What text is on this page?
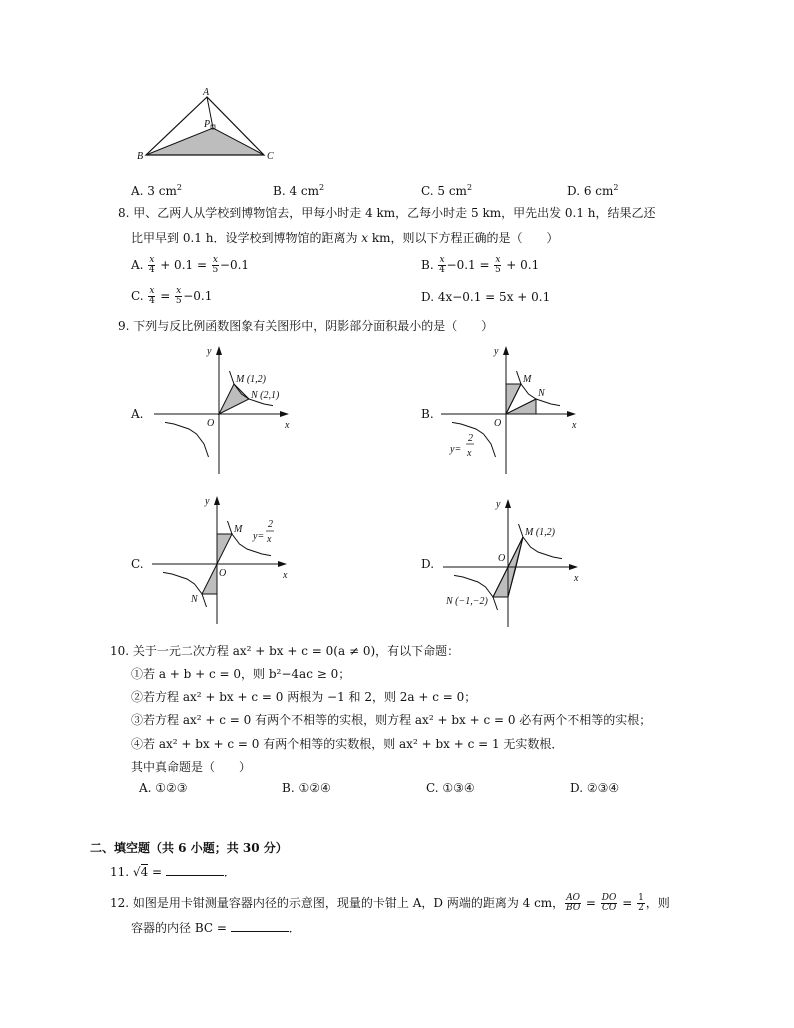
A
P
B	C
A. 3 $cm^2$	B. 4 $cm^2$	C. 5 $cm^2$	D. 6 $cm^2$
8. 甲、乙两人从学校到博物馆去，甲每小时走 4 km，乙每小时走 5 km，甲先出发 0.1 h，结果乙还
比甲早到 0.1 h．设学校到博物馆的距离为 x km，则以下方程正确的是（　　）
A. $\frac{x}{4} + 0.1 = \frac{x}{5} -0.1$	B. $\frac{x}{4} -0.1 = \frac{x}{5} + 0.1$
C. $\frac{x}{4} = \frac{x}{5} -0.1$	D. 4x−0.1 = 5x + 0.1
9. 下列与反比例函数图象有关图形中，阴影部分面积最小的是（　　）
A.	B.
C.	D.
x
y
O
M (1,2)
N (2,1)
x
y
O
M
N
y=
2
x
x
y
O
M
N
y=
2
x
x
y
O
M (1,2)
N (−1,−2)
10. 关于一元二次方程 ax² + bx + c = 0(a ≠ 0)，有以下命题：
①若 a + b + c = 0，则 b²−4ac ≥ 0；
②若方程 ax² + bx + c = 0 两根为 −1 和 2，则 2a + c = 0；
③若方程 ax² + c = 0 有两个不相等的实根，则方程 ax² + bx + c = 0 必有两个不相等的实根；
④若 ax² + bx + c = 0 有两个相等的实数根，则 ax² + bx + c = 1 无实数根．
其中真命题是（　　）
A. ①②③	B. ①②④	C. ①③④	D. ②③④
二、填空题（共 6 小题；共 30 分）
11. √4 =	．
12. 如图是用卡钳测量容器内径的示意图，现量的卡钳上 A，D 两端的距离为 4 cm， $\frac{AO}{BO} = \frac{DO}{CO} = \frac{1}{2}$ ，则
容器的内径 BC =	．
